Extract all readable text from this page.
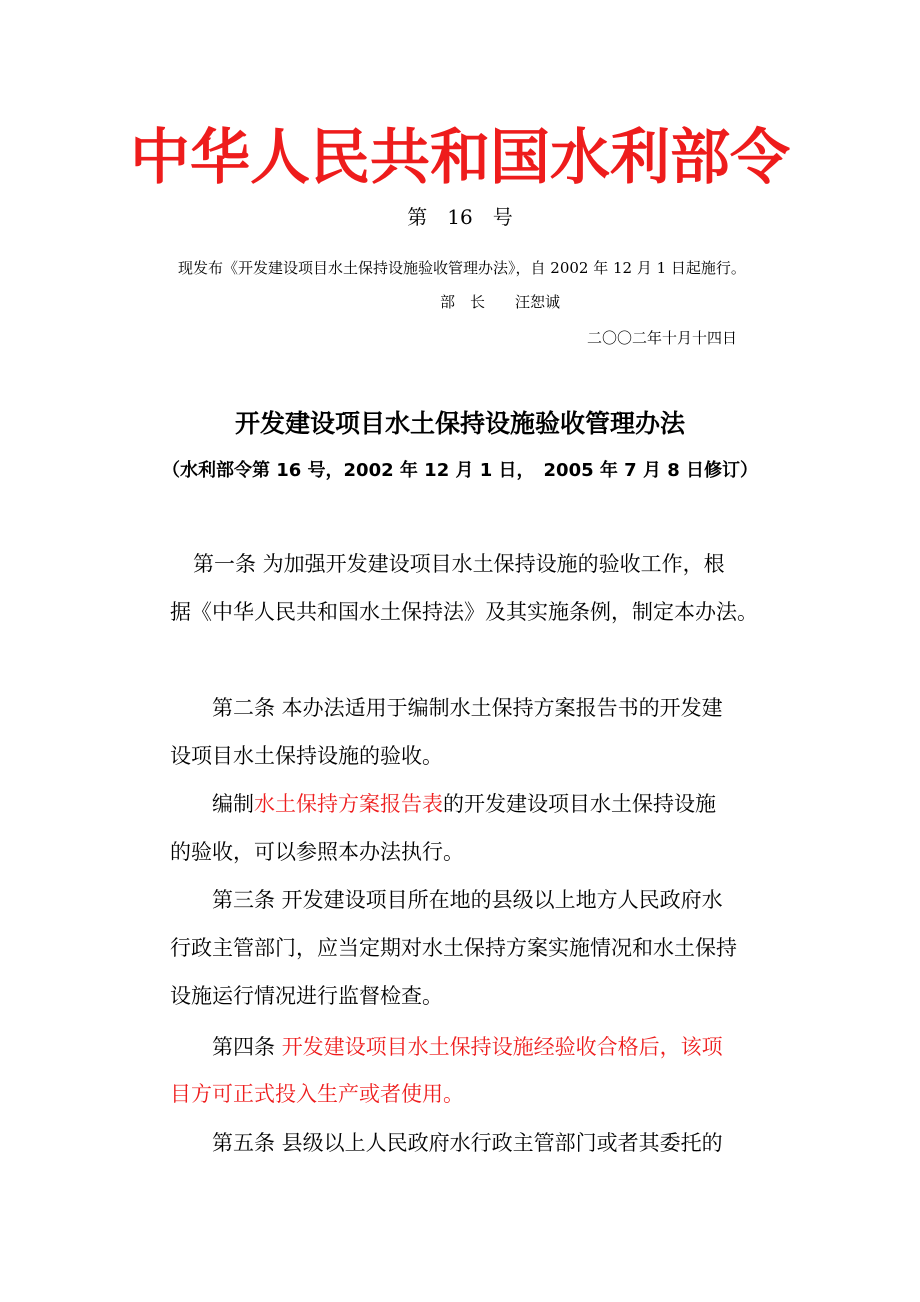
中华人民共和国水利部令
第　16　号
现发布《开发建设项目水土保持设施验收管理办法》，自 2002 年 12 月 1 日起施行。
部　长　　汪恕诚
二〇〇二年十月十四日
开发建设项目水土保持设施验收管理办法
（水利部令第 16 号，2002 年 12 月 1 日，　2005 年 7 月 8 日修订）
第一条 为加强开发建设项目水土保持设施的验收工作，根
据《中华人民共和国水土保持法》及其实施条例，制定本办法。
第二条 本办法适用于编制水土保持方案报告书的开发建
设项目水土保持设施的验收。
编制水土保持方案报告表的开发建设项目水土保持设施
的验收，可以参照本办法执行。
第三条 开发建设项目所在地的县级以上地方人民政府水
行政主管部门，应当定期对水土保持方案实施情况和水土保持
设施运行情况进行监督检查。
第四条 开发建设项目水土保持设施经验收合格后，该项
目方可正式投入生产或者使用。
第五条 县级以上人民政府水行政主管部门或者其委托的
